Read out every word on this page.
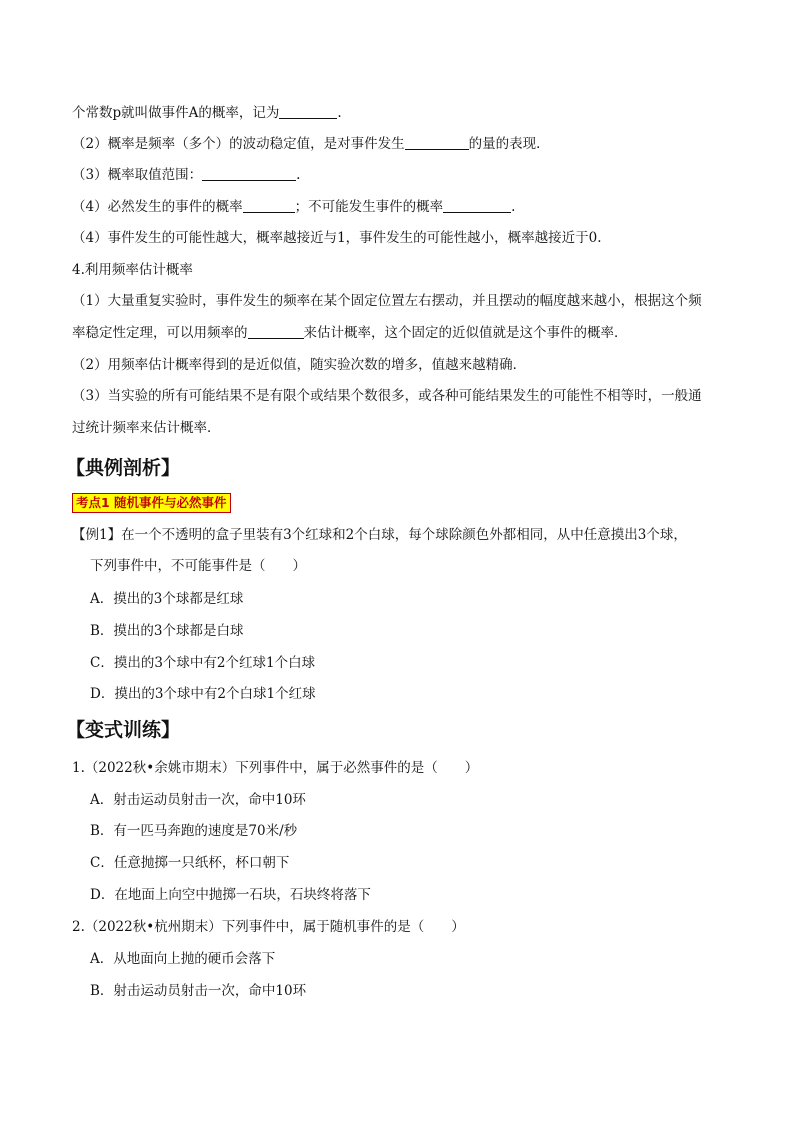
个常数p就叫做事件A的概率，记为	.
（2）概率是频率（多个）的波动稳定值，是对事件发生	的量的表现．
（3）概率取值范围：	.
（4）必然发生的事件的概率	；不可能发生事件的概率	.
（4）事件发生的可能性越大，概率越接近与1，事件发生的可能性越小，概率越接近于0.
4.利用频率估计概率
（1）大量重复实验时，事件发生的频率在某个固定位置左右摆动，并且摆动的幅度越来越小，根据这个频
率稳定性定理，可以用频率的	来估计概率，这个固定的近似值就是这个事件的概率．
（2）用频率估计概率得到的是近似值，随实验次数的增多，值越来越精确．
（3）当实验的所有可能结果不是有限个或结果个数很多，或各种可能结果发生的可能性不相等时，一般通
过统计频率来估计概率．
【典例剖析】
考点1 随机事件与必然事件
【例1】在一个不透明的盒子里装有3个红球和2个白球，每个球除颜色外都相同，从中任意摸出3个球，
下列事件中，不可能事件是（　　）
A．摸出的3个球都是红球
B．摸出的3个球都是白球
C．摸出的3个球中有2个红球1个白球
D．摸出的3个球中有2个白球1个红球
【变式训练】
1.（2022秋•余姚市期末）下列事件中，属于必然事件的是（　　）
A．射击运动员射击一次，命中10环
B．有一匹马奔跑的速度是70米/秒
C．任意抛掷一只纸杯，杯口朝下
D．在地面上向空中抛掷一石块，石块终将落下
2.（2022秋•杭州期末）下列事件中，属于随机事件的是（　　）
A．从地面向上抛的硬币会落下
B．射击运动员射击一次，命中10环
